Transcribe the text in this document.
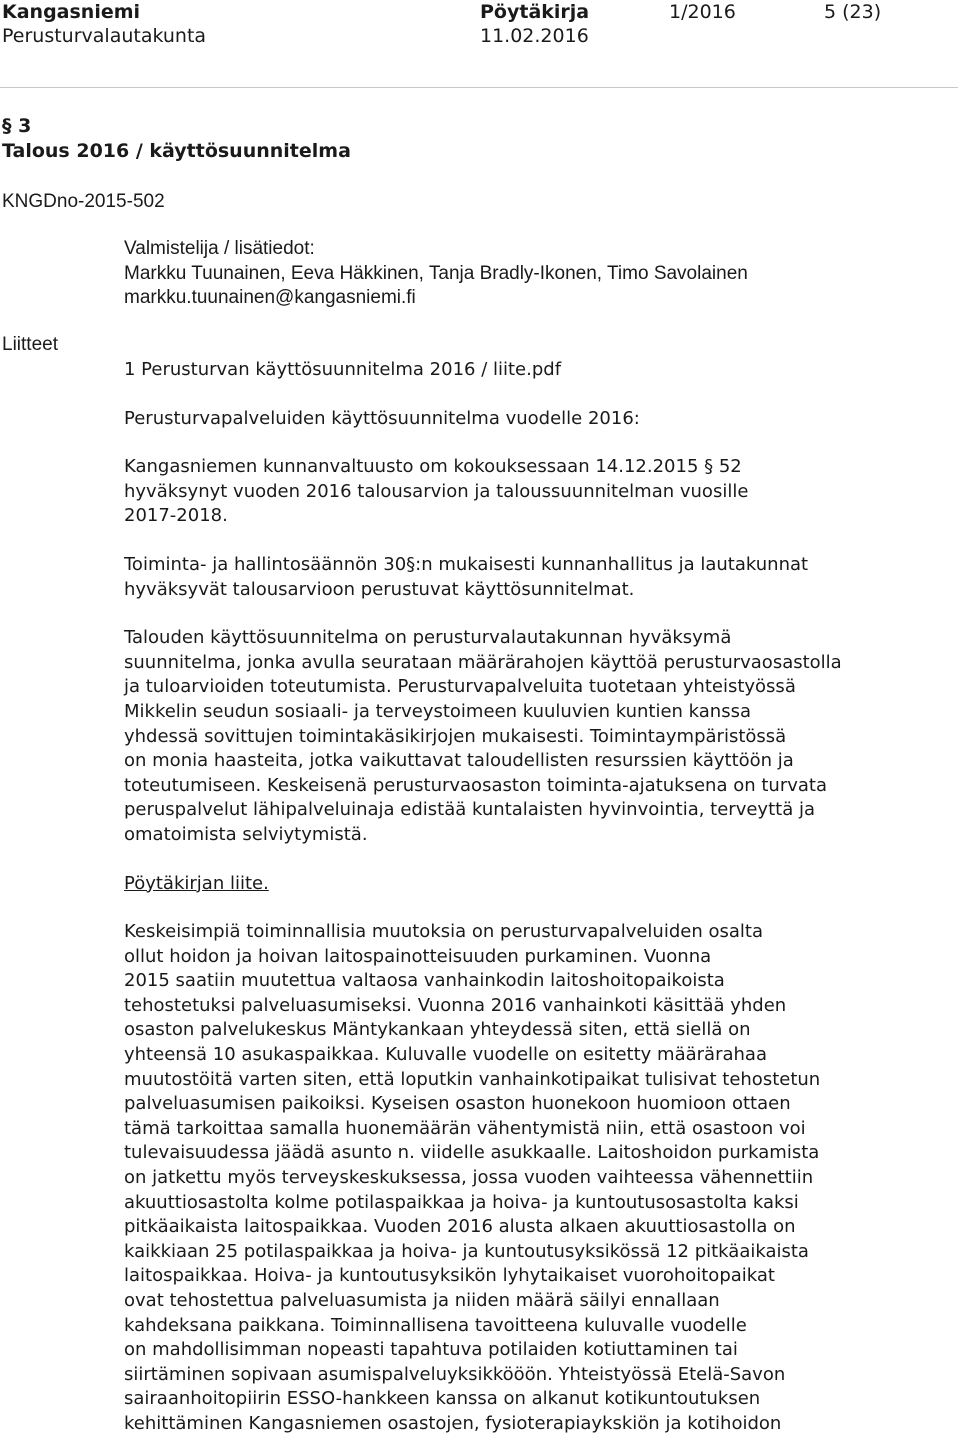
Kangasniemi
Perusturvalautakunta
Pöytäkirja
11.02.2016
1/2016	5 (23)
§ 3
Talous 2016 / käyttösuunnitelma
KNGDno-2015-502
Valmistelija / lisätiedot:
Markku Tuunainen, Eeva Häkkinen, Tanja Bradly-Ikonen, Timo Savolainen
markku.tuunainen@kangasniemi.fi
Liitteet

1 Perusturvan käyttösuunnitelma 2016 / liite.pdf

Perusturvapalveluiden käyttösuunnitelma vuodelle 2016:

Kangasniemen kunnanvaltuusto om kokouksessaan 14.12.2015 § 52
hyväksynyt vuoden 2016 talousarvion ja taloussuunnitelman vuosille
2017-2018.

Toiminta- ja hallintosäännön 30§:n mukaisesti kunnanhallitus ja lautakunnat
hyväksyvät talousarvioon perustuvat käyttösunnitelmat.

Talouden käyttösuunnitelma on perusturvalautakunnan hyväksymä
suunnitelma, jonka avulla seurataan määrärahojen käyttöä perusturvaosastolla
ja tuloarvioiden toteutumista. Perusturvapalveluita tuotetaan yhteistyössä
Mikkelin seudun sosiaali- ja terveystoimeen kuuluvien kuntien kanssa
yhdessä sovittujen toimintakäsikirjojen mukaisesti. Toimintaympäristössä
on monia haasteita, jotka vaikuttavat taloudellisten resurssien käyttöön ja
toteutumiseen. Keskeisenä perusturvaosaston toiminta-ajatuksena on turvata
peruspalvelut lähipalveluinaja edistää kuntalaisten hyvinvointia, terveyttä ja
omatoimista selviytymistä.

Pöytäkirjan liite.

Keskeisimpiä toiminnallisia muutoksia on perusturvapalveluiden osalta
ollut hoidon ja hoivan laitospainotteisuuden purkaminen. Vuonna
2015 saatiin muutettua valtaosa vanhainkodin laitoshoitopaikoista
tehostetuksi palveluasumiseksi. Vuonna 2016 vanhainkoti käsittää yhden
osaston palvelukeskus Mäntykankaan yhteydessä siten, että siellä on
yhteensä 10 asukaspaikkaa. Kuluvalle vuodelle on esitetty määrärahaa
muutostöitä varten siten, että loputkin vanhainkotipaikat tulisivat tehostetun
palveluasumisen paikoiksi. Kyseisen osaston huonekoon huomioon ottaen
tämä tarkoittaa samalla huonemäärän vähentymistä niin, että osastoon voi
tulevaisuudessa jäädä asunto n. viidelle asukkaalle. Laitoshoidon purkamista
on jatkettu myös terveyskeskuksessa, jossa vuoden vaihteessa vähennettiin
akuuttiosastolta kolme potilaspaikkaa ja hoiva- ja kuntoutusosastolta kaksi
pitkäaikaista laitospaikkaa. Vuoden 2016 alusta alkaen akuuttiosastolla on
kaikkiaan 25 potilaspaikkaa ja hoiva- ja kuntoutusyksikössä 12 pitkäaikaista
laitospaikkaa. Hoiva- ja kuntoutusyksikön lyhytaikaiset vuorohoitopaikat
ovat tehostettua palveluasumista ja niiden määrä säilyi ennallaan
kahdeksana paikkana. Toiminnallisena tavoitteena kuluvalle vuodelle
on mahdollisimman nopeasti tapahtuva potilaiden kotiuttaminen tai
siirtäminen sopivaan asumispalveluyksikkööön. Yhteistyössä Etelä-Savon
sairaanhoitopiirin ESSO-hankkeen kanssa on alkanut kotikuntoutuksen
kehittäminen Kangasniemen osastojen, fysioterapiaykskiön ja kotihoidon
